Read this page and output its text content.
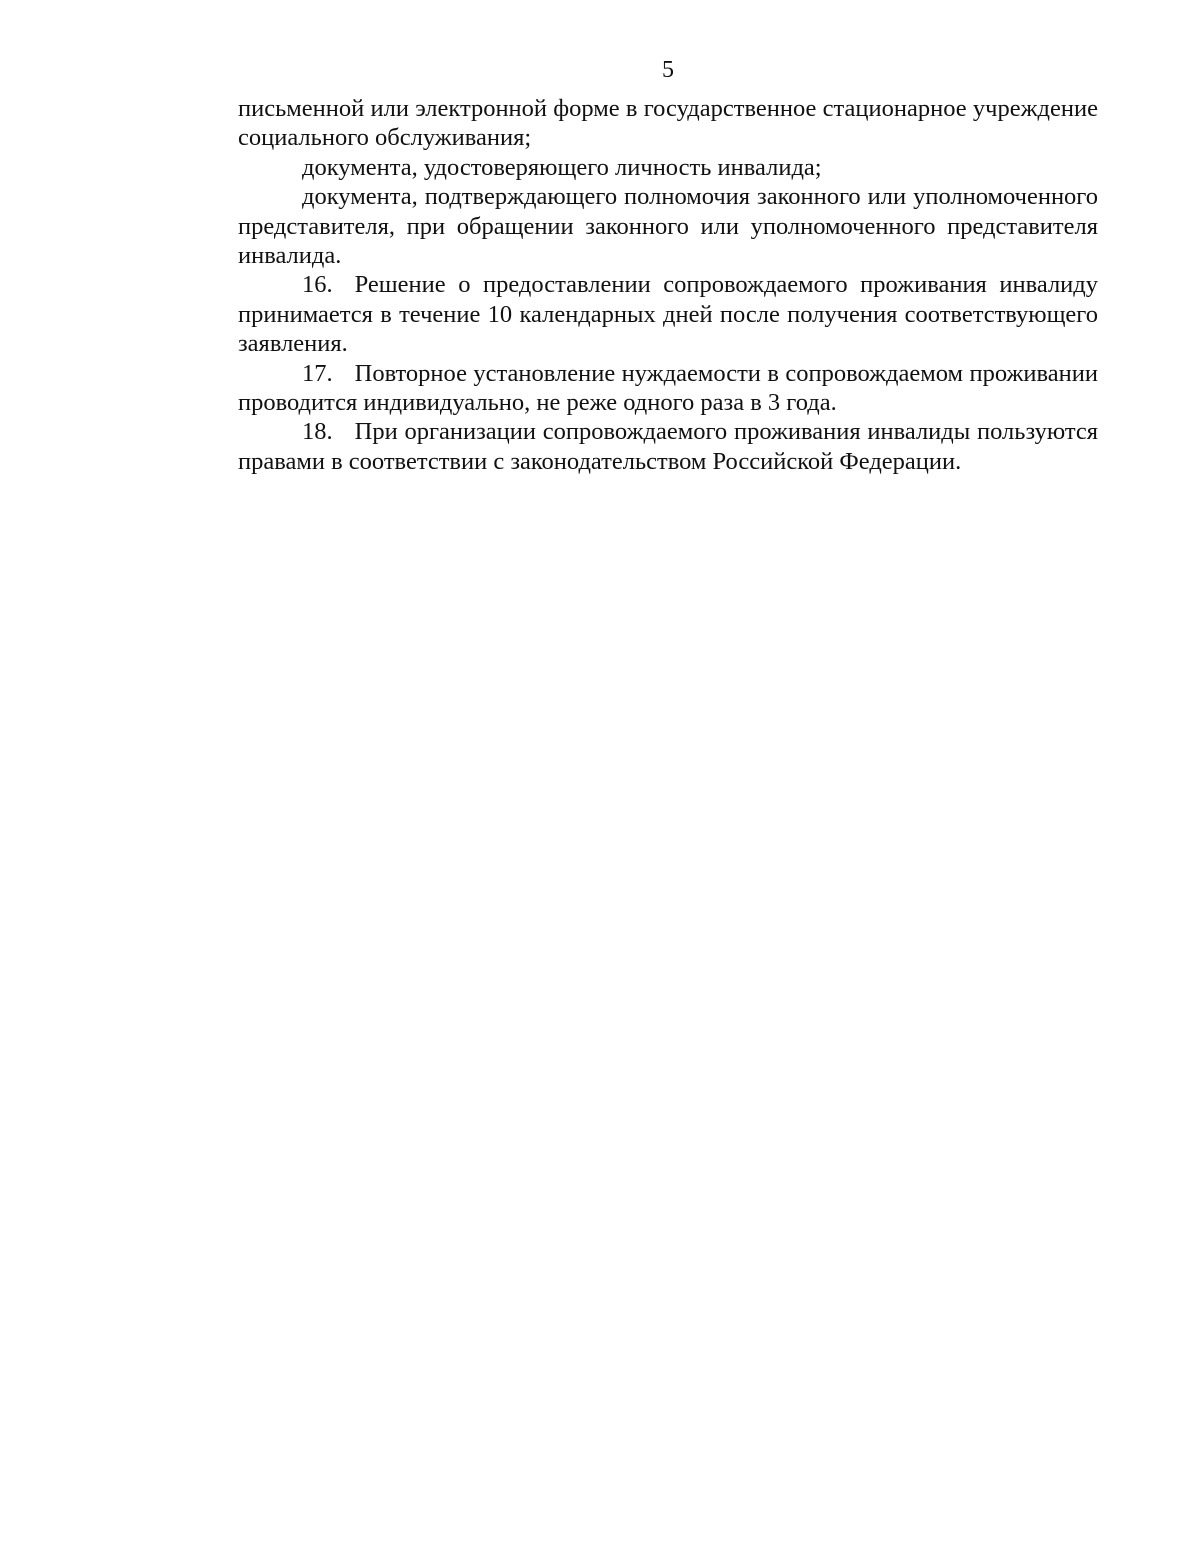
5

письменной или электронной форме в государственное стационарное учреждение социального обслуживания;

документа, удостоверяющего личность инвалида;

документа, подтверждающего полномочия законного или уполномоченного представителя, при обращении законного или уполномоченного представителя инвалида.

16. Решение о предоставлении сопровождаемого проживания инвалиду принимается в течение 10 календарных дней после получения соответствующего заявления.

17. Повторное установление нуждаемости в сопровождаемом проживании проводится индивидуально, не реже одного раза в 3 года.

18. При организации сопровождаемого проживания инвалиды пользуются правами в соответствии с законодательством Российской Федерации.
